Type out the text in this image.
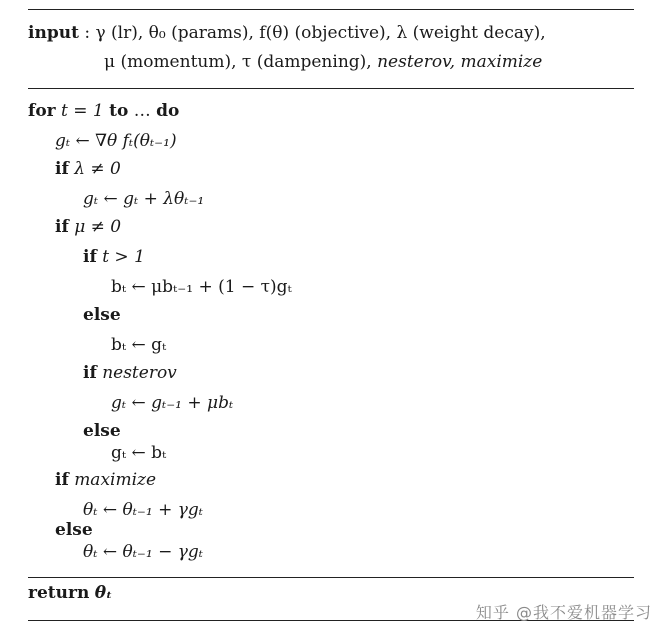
input : γ (lr), θ₀ (params), f(θ) (objective), λ (weight decay),
μ (momentum), τ (dampening), nesterov, maximize
for t = 1 to … do
gₜ ← ∇θ fₜ(θₜ₋₁)
if λ ≠ 0
gₜ ← gₜ + λθₜ₋₁
if μ ≠ 0
if t > 1
bₜ ← μbₜ₋₁ + (1 − τ)gₜ
else
bₜ ← gₜ
if nesterov
gₜ ← gₜ₋₁ + μbₜ
else
gₜ ← bₜ
if maximize
θₜ ← θₜ₋₁ + γgₜ
else
θₜ ← θₜ₋₁ − γgₜ
return θₜ
知乎 @我不爱机器学习
